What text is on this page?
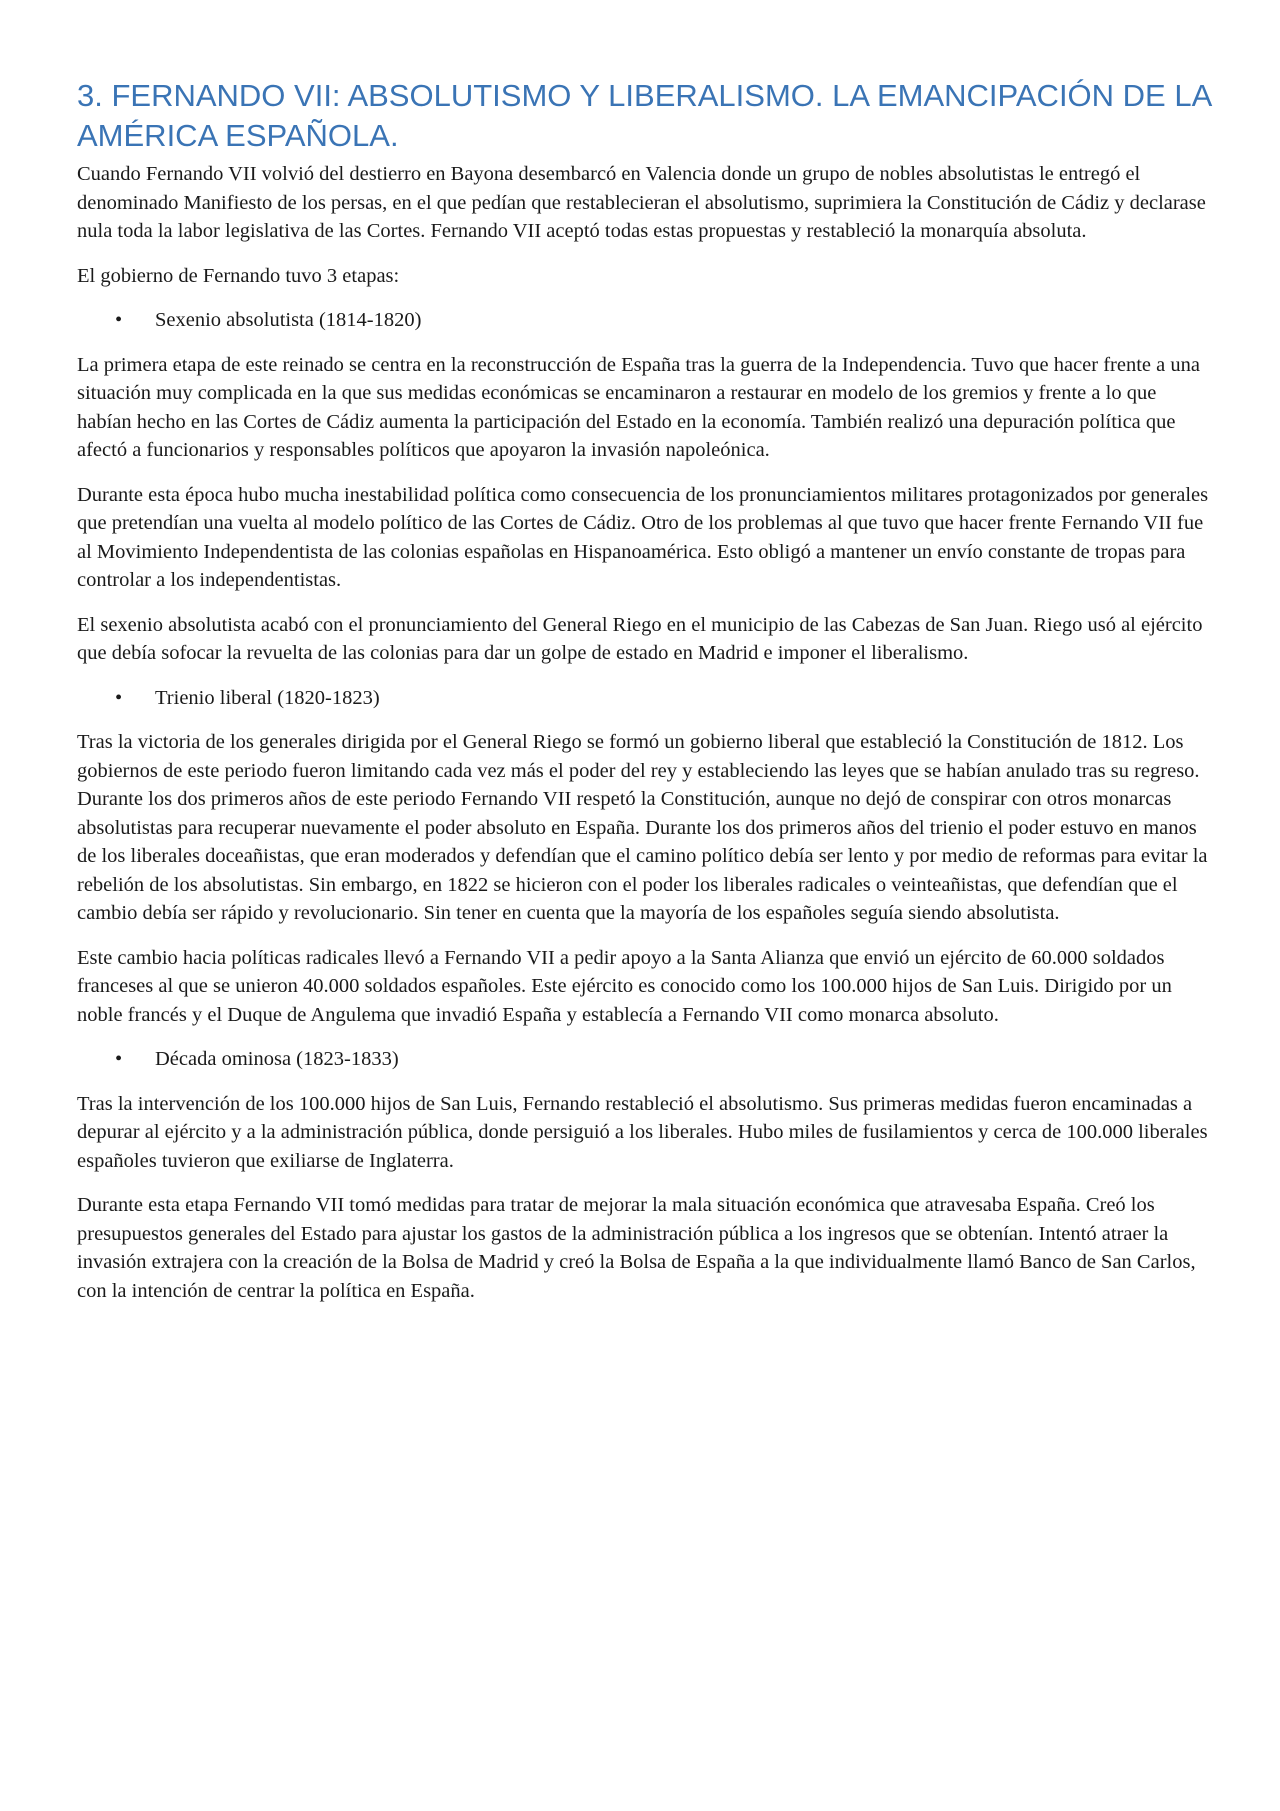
3. FERNANDO VII: ABSOLUTISMO Y LIBERALISMO. LA EMANCIPACIÓN DE LA AMÉRICA ESPAÑOLA.

Cuando Fernando VII volvió del destierro en Bayona desembarcó en Valencia donde un grupo de nobles absolutistas le entregó el denominado Manifiesto de los persas, en el que pedían que restablecieran el absolutismo, suprimiera la Constitución de Cádiz y declarase nula toda la labor legislativa de las Cortes. Fernando VII aceptó todas estas propuestas y restableció la monarquía absoluta.

El gobierno de Fernando tuvo 3 etapas:

•	Sexenio absolutista (1814-1820)

La primera etapa de este reinado se centra en la reconstrucción de España tras la guerra de la Independencia. Tuvo que hacer frente a una situación muy complicada en la que sus medidas económicas se encaminaron a restaurar en modelo de los gremios y frente a lo que habían hecho en las Cortes de Cádiz aumenta la participación del Estado en la economía. También realizó una depuración política que afectó a funcionarios y responsables políticos que apoyaron la invasión napoleónica.

Durante esta época hubo mucha inestabilidad política como consecuencia de los pronunciamientos militares protagonizados por generales que pretendían una vuelta al modelo político de las Cortes de Cádiz. Otro de los problemas al que tuvo que hacer frente Fernando VII fue al Movimiento Independentista de las colonias españolas en Hispanoamérica. Esto obligó a mantener un envío constante de tropas para controlar a los independentistas.

El sexenio absolutista acabó con el pronunciamiento del General Riego en el municipio de las Cabezas de San Juan. Riego usó al ejército que debía sofocar la revuelta de las colonias para dar un golpe de estado en Madrid e imponer el liberalismo.

•	Trienio liberal (1820-1823)

Tras la victoria de los generales dirigida por el General Riego se formó un gobierno liberal que estableció la Constitución de 1812. Los gobiernos de este periodo fueron limitando cada vez más el poder del rey y estableciendo las leyes que se habían anulado tras su regreso. Durante los dos primeros años de este periodo Fernando VII respetó la Constitución, aunque no dejó de conspirar con otros monarcas absolutistas para recuperar nuevamente el poder absoluto en España. Durante los dos primeros años del trienio el poder estuvo en manos de los liberales doceañistas, que eran moderados y defendían que el camino político debía ser lento y por medio de reformas para evitar la rebelión de los absolutistas. Sin embargo, en 1822 se hicieron con el poder los liberales radicales o veinteañistas, que defendían que el cambio debía ser rápido y revolucionario. Sin tener en cuenta que la mayoría de los españoles seguía siendo absolutista.

Este cambio hacia políticas radicales llevó a Fernando VII a pedir apoyo a la Santa Alianza que envió un ejército de 60.000 soldados franceses al que se unieron 40.000 soldados españoles. Este ejército es conocido como los 100.000 hijos de San Luis. Dirigido por un noble francés y el Duque de Angulema que invadió España y establecía a Fernando VII como monarca absoluto.

•	Década ominosa (1823-1833)

Tras la intervención de los 100.000 hijos de San Luis, Fernando restableció el absolutismo. Sus primeras medidas fueron encaminadas a depurar al ejército y a la administración pública, donde persiguió a los liberales. Hubo miles de fusilamientos y cerca de 100.000 liberales españoles tuvieron que exiliarse de Inglaterra.

Durante esta etapa Fernando VII tomó medidas para tratar de mejorar la mala situación económica que atravesaba España. Creó los presupuestos generales del Estado para ajustar los gastos de la administración pública a los ingresos que se obtenían. Intentó atraer la invasión extrajera con la creación de la Bolsa de Madrid y creó la Bolsa de España a la que individualmente llamó Banco de San Carlos, con la intención de centrar la política en España.
